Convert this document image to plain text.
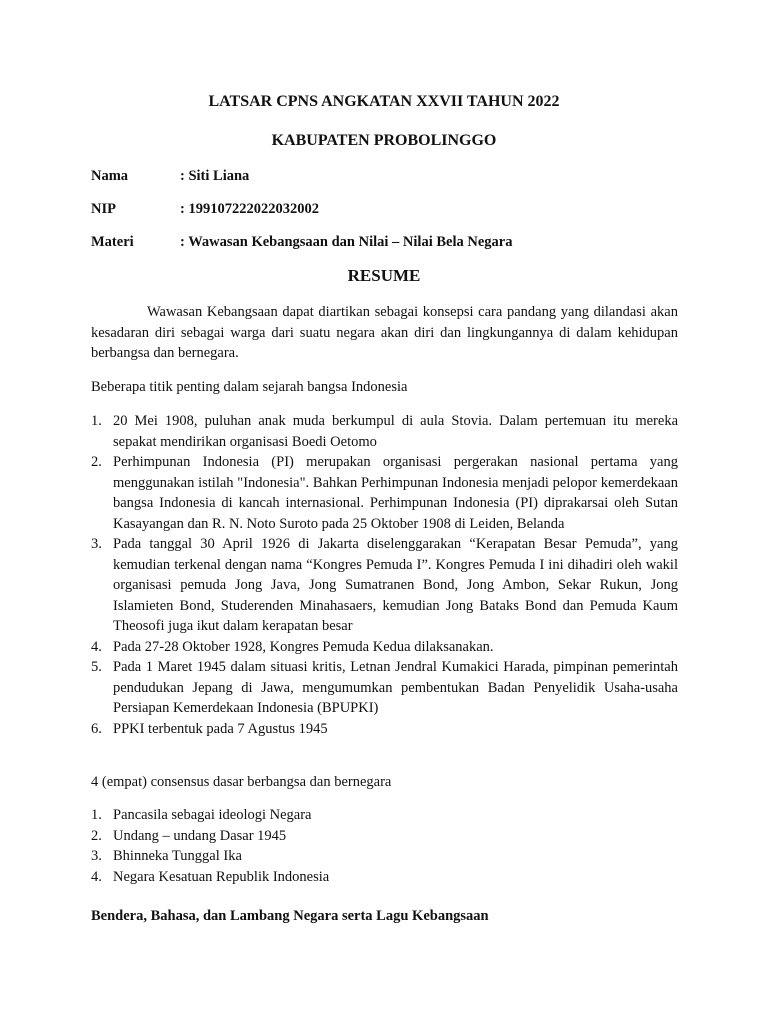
LATSAR CPNS ANGKATAN XXVII TAHUN 2022
KABUPATEN PROBOLINGGO
Nama	: Siti Liana
NIP	: 199107222022032002
Materi	: Wawasan Kebangsaan dan Nilai – Nilai Bela Negara
RESUME

Wawasan Kebangsaan dapat diartikan sebagai konsepsi cara pandang yang dilandasi akan kesadaran diri sebagai warga dari suatu negara akan diri dan lingkungannya di dalam kehidupan berbangsa dan bernegara.

Beberapa titik penting dalam sejarah bangsa Indonesia

1. 20 Mei 1908, puluhan anak muda berkumpul di aula Stovia. Dalam pertemuan itu mereka sepakat mendirikan organisasi Boedi Oetomo
2. Perhimpunan Indonesia (PI) merupakan organisasi pergerakan nasional pertama yang menggunakan istilah "Indonesia". Bahkan Perhimpunan Indonesia menjadi pelopor kemerdekaan bangsa Indonesia di kancah internasional. Perhimpunan Indonesia (PI) diprakarsai oleh Sutan Kasayangan dan R. N. Noto Suroto pada 25 Oktober 1908 di Leiden, Belanda
3. Pada tanggal 30 April 1926 di Jakarta diselenggarakan “Kerapatan Besar Pemuda”, yang kemudian terkenal dengan nama “Kongres Pemuda I”. Kongres Pemuda I ini dihadiri oleh wakil organisasi pemuda Jong Java, Jong Sumatranen Bond, Jong Ambon, Sekar Rukun, Jong Islamieten Bond, Studerenden Minahasaers, kemudian Jong Bataks Bond dan Pemuda Kaum Theosofi juga ikut dalam kerapatan besar
4. Pada 27-28 Oktober 1928, Kongres Pemuda Kedua dilaksanakan.
5. Pada 1 Maret 1945 dalam situasi kritis, Letnan Jendral Kumakici Harada, pimpinan pemerintah pendudukan Jepang di Jawa, mengumumkan pembentukan Badan Penyelidik Usaha-usaha Persiapan Kemerdekaan Indonesia (BPUPKI)
6. PPKI terbentuk pada 7 Agustus 1945

4 (empat) consensus dasar berbangsa dan bernegara

1. Pancasila sebagai ideologi Negara
2. Undang – undang Dasar 1945
3. Bhinneka Tunggal Ika
4. Negara Kesatuan Republik Indonesia
Bendera, Bahasa, dan Lambang Negara serta Lagu Kebangsaan
